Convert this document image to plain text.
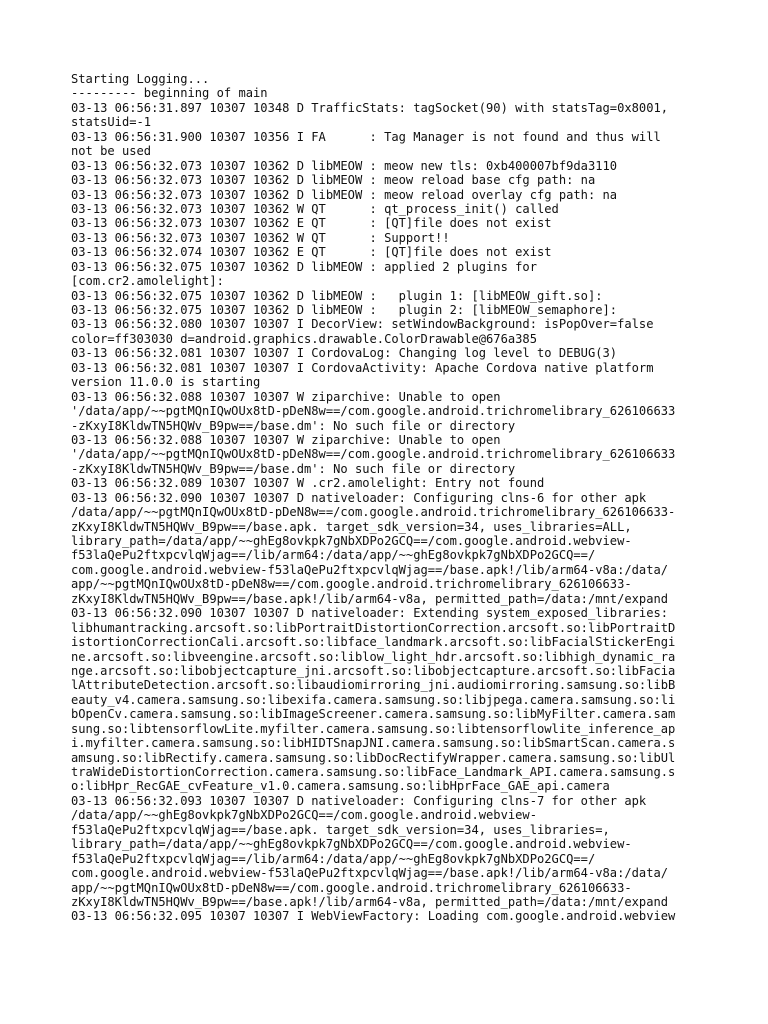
Starting Logging...
--------- beginning of main
03-13 06:56:31.897 10307 10348 D TrafficStats: tagSocket(90) with statsTag=0x8001,
statsUid=-1
03-13 06:56:31.900 10307 10356 I FA      : Tag Manager is not found and thus will
not be used
03-13 06:56:32.073 10307 10362 D libMEOW : meow new tls: 0xb400007bf9da3110
03-13 06:56:32.073 10307 10362 D libMEOW : meow reload base cfg path: na
03-13 06:56:32.073 10307 10362 D libMEOW : meow reload overlay cfg path: na
03-13 06:56:32.073 10307 10362 W QT      : qt_process_init() called
03-13 06:56:32.073 10307 10362 E QT      : [QT]file does not exist
03-13 06:56:32.073 10307 10362 W QT      : Support!!
03-13 06:56:32.074 10307 10362 E QT      : [QT]file does not exist
03-13 06:56:32.075 10307 10362 D libMEOW : applied 2 plugins for
[com.cr2.amolelight]:
03-13 06:56:32.075 10307 10362 D libMEOW :   plugin 1: [libMEOW_gift.so]:
03-13 06:56:32.075 10307 10362 D libMEOW :   plugin 2: [libMEOW_semaphore]:
03-13 06:56:32.080 10307 10307 I DecorView: setWindowBackground: isPopOver=false
color=ff303030 d=android.graphics.drawable.ColorDrawable@676a385
03-13 06:56:32.081 10307 10307 I CordovaLog: Changing log level to DEBUG(3)
03-13 06:56:32.081 10307 10307 I CordovaActivity: Apache Cordova native platform
version 11.0.0 is starting
03-13 06:56:32.088 10307 10307 W ziparchive: Unable to open
'/data/app/~~pgtMQnIQwOUx8tD-pDeN8w==/com.google.android.trichromelibrary_626106633
-zKxyI8KldwTN5HQWv_B9pw==/base.dm': No such file or directory
03-13 06:56:32.088 10307 10307 W ziparchive: Unable to open
'/data/app/~~pgtMQnIQwOUx8tD-pDeN8w==/com.google.android.trichromelibrary_626106633
-zKxyI8KldwTN5HQWv_B9pw==/base.dm': No such file or directory
03-13 06:56:32.089 10307 10307 W .cr2.amolelight: Entry not found
03-13 06:56:32.090 10307 10307 D nativeloader: Configuring clns-6 for other apk
/data/app/~~pgtMQnIQwOUx8tD-pDeN8w==/com.google.android.trichromelibrary_626106633-
zKxyI8KldwTN5HQWv_B9pw==/base.apk. target_sdk_version=34, uses_libraries=ALL,
library_path=/data/app/~~ghEg8ovkpk7gNbXDPo2GCQ==/com.google.android.webview-
f53laQePu2ftxpcvlqWjag==/lib/arm64:/data/app/~~ghEg8ovkpk7gNbXDPo2GCQ==/
com.google.android.webview-f53laQePu2ftxpcvlqWjag==/base.apk!/lib/arm64-v8a:/data/
app/~~pgtMQnIQwOUx8tD-pDeN8w==/com.google.android.trichromelibrary_626106633-
zKxyI8KldwTN5HQWv_B9pw==/base.apk!/lib/arm64-v8a, permitted_path=/data:/mnt/expand
03-13 06:56:32.090 10307 10307 D nativeloader: Extending system_exposed_libraries:
libhumantracking.arcsoft.so:libPortraitDistortionCorrection.arcsoft.so:libPortraitD
istortionCorrectionCali.arcsoft.so:libface_landmark.arcsoft.so:libFacialStickerEngi
ne.arcsoft.so:libveengine.arcsoft.so:liblow_light_hdr.arcsoft.so:libhigh_dynamic_ra
nge.arcsoft.so:libobjectcapture_jni.arcsoft.so:libobjectcapture.arcsoft.so:libFacia
lAttributeDetection.arcsoft.so:libaudiomirroring_jni.audiomirroring.samsung.so:libB
eauty_v4.camera.samsung.so:libexifa.camera.samsung.so:libjpega.camera.samsung.so:li
bOpenCv.camera.samsung.so:libImageScreener.camera.samsung.so:libMyFilter.camera.sam
sung.so:libtensorflowLite.myfilter.camera.samsung.so:libtensorflowlite_inference_ap
i.myfilter.camera.samsung.so:libHIDTSnapJNI.camera.samsung.so:libSmartScan.camera.s
amsung.so:libRectify.camera.samsung.so:libDocRectifyWrapper.camera.samsung.so:libUl
traWideDistortionCorrection.camera.samsung.so:libFace_Landmark_API.camera.samsung.s
o:libHpr_RecGAE_cvFeature_v1.0.camera.samsung.so:libHprFace_GAE_api.camera
03-13 06:56:32.093 10307 10307 D nativeloader: Configuring clns-7 for other apk
/data/app/~~ghEg8ovkpk7gNbXDPo2GCQ==/com.google.android.webview-
f53laQePu2ftxpcvlqWjag==/base.apk. target_sdk_version=34, uses_libraries=,
library_path=/data/app/~~ghEg8ovkpk7gNbXDPo2GCQ==/com.google.android.webview-
f53laQePu2ftxpcvlqWjag==/lib/arm64:/data/app/~~ghEg8ovkpk7gNbXDPo2GCQ==/
com.google.android.webview-f53laQePu2ftxpcvlqWjag==/base.apk!/lib/arm64-v8a:/data/
app/~~pgtMQnIQwOUx8tD-pDeN8w==/com.google.android.trichromelibrary_626106633-
zKxyI8KldwTN5HQWv_B9pw==/base.apk!/lib/arm64-v8a, permitted_path=/data:/mnt/expand
03-13 06:56:32.095 10307 10307 I WebViewFactory: Loading com.google.android.webview
